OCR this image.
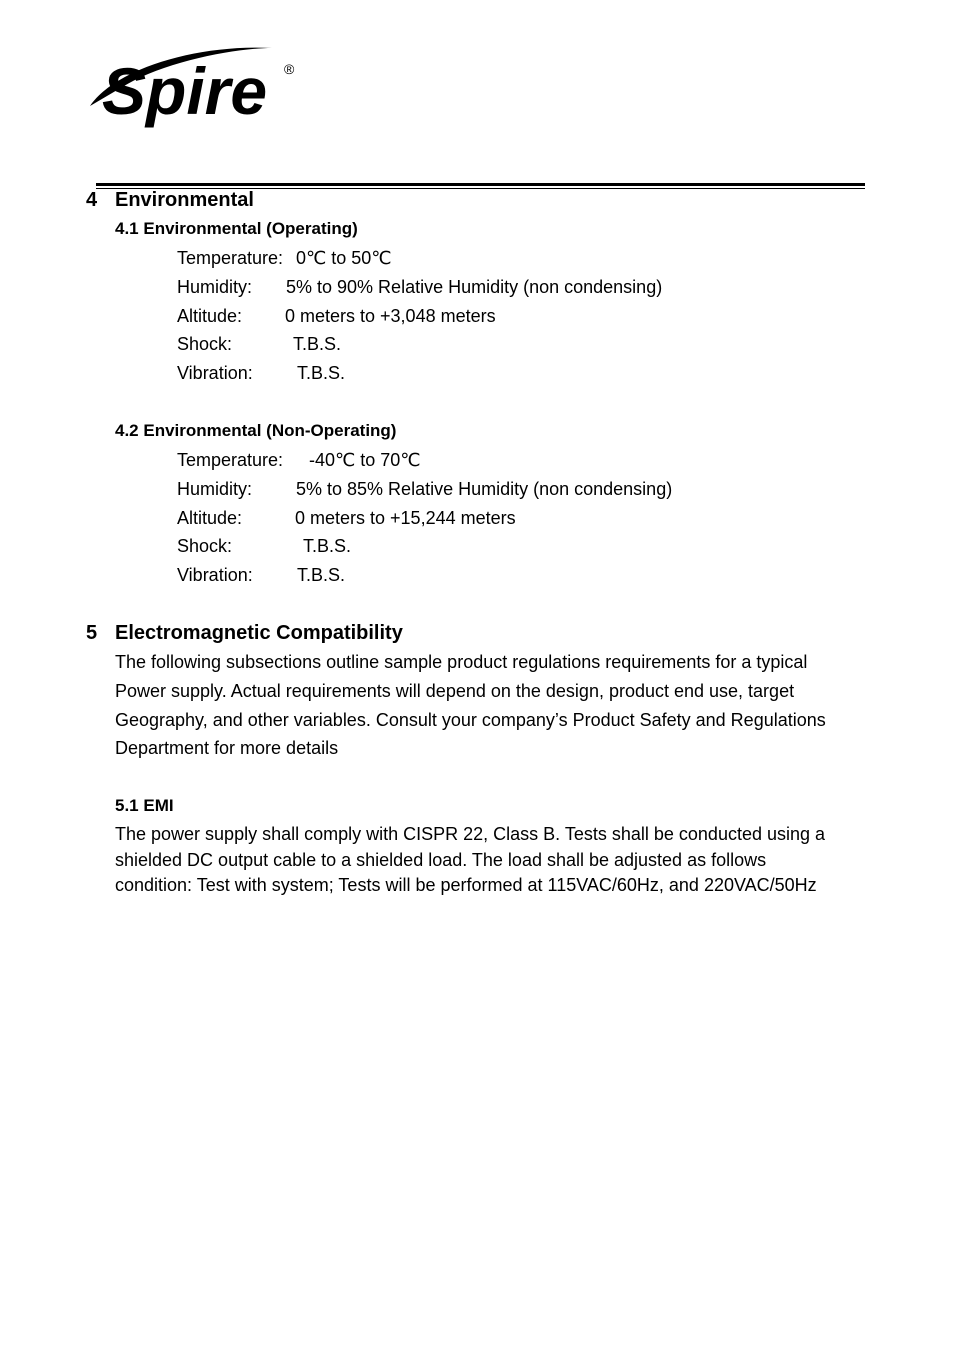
Spire ®
4 Environmental
4.1 Environmental (Operating)
Temperature: 0℃ to 50℃
Humidity: 5% to 90% Relative Humidity (non condensing)
Altitude: 0 meters to +3,048 meters
Shock:	T.B.S.
Vibration: T.B.S.
4.2 Environmental (Non-Operating)
Temperature: -40℃ to 70℃
Humidity: 5% to 85% Relative Humidity (non condensing)
Altitude:	0 meters to +15,244 meters
Shock:	T.B.S.
Vibration: T.B.S.
5 Electromagnetic Compatibility
The following subsections outline sample product regulations requirements for a typical
Power supply. Actual requirements will depend on the design, product end use, target
Geography, and other variables. Consult your company’s Product Safety and Regulations
Department for more details
5.1 EMI
The power supply shall comply with CISPR 22, Class B. Tests shall be conducted using a
shielded DC output cable to a shielded load. The load shall be adjusted as follows
condition: Test with system; Tests will be performed at 115VAC/60Hz, and 220VAC/50Hz
